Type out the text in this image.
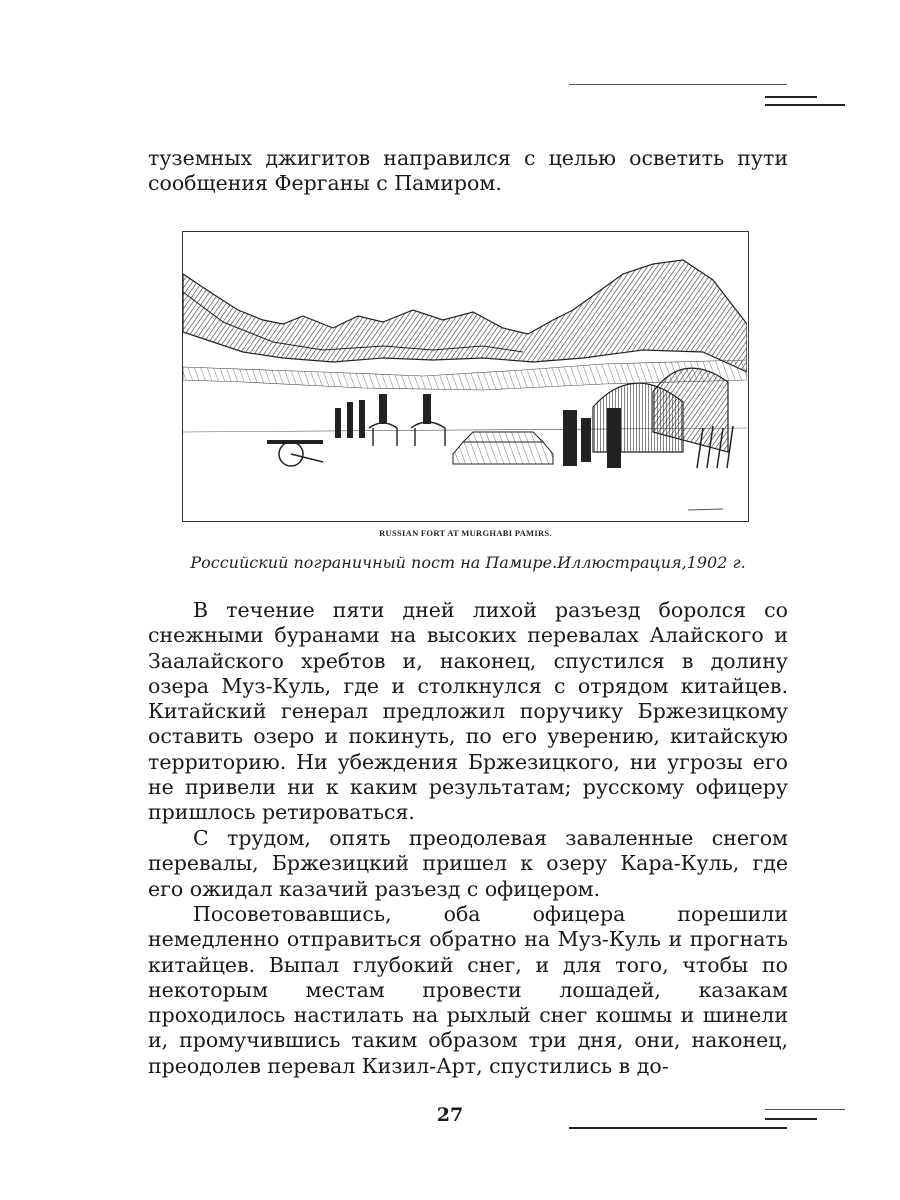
туземных джигитов направился с целью осветить пути сообщения Ферганы с Памиром.

RUSSIAN FORT AT MURGHABI PAMIRS.
Российский пограничный пост на Памире.Иллюстрация,1902 г.

В течение пяти дней лихой разъезд боролся со снежными буранами на высоких перевалах Алайского и Заалайского хребтов и, наконец, спустился в долину озера Муз-Куль, где и столкнулся с отрядом китайцев. Китайский генерал предложил поручику Бржезицкому оставить озеро и покинуть, по его уверению, китайскую территорию. Ни убеждения Бржезицкого, ни угрозы его не привели ни к каким результатам; русскому офицеру пришлось ретироваться.

С трудом, опять преодолевая заваленные снегом перевалы, Бржезицкий пришел к озеру Кара-Куль, где его ожидал казачий разъезд с офицером.

Посоветовавшись, оба офицера порешили немедленно отправиться обратно на Муз-Куль и прогнать китайцев. Выпал глубокий снег, и для того, чтобы по некоторым местам провести лошадей, казакам проходилось настилать на рыхлый снег кошмы и шинели и, промучившись таким образом три дня, они, наконец, преодолев перевал Кизил-Арт, спустились в до-

27
